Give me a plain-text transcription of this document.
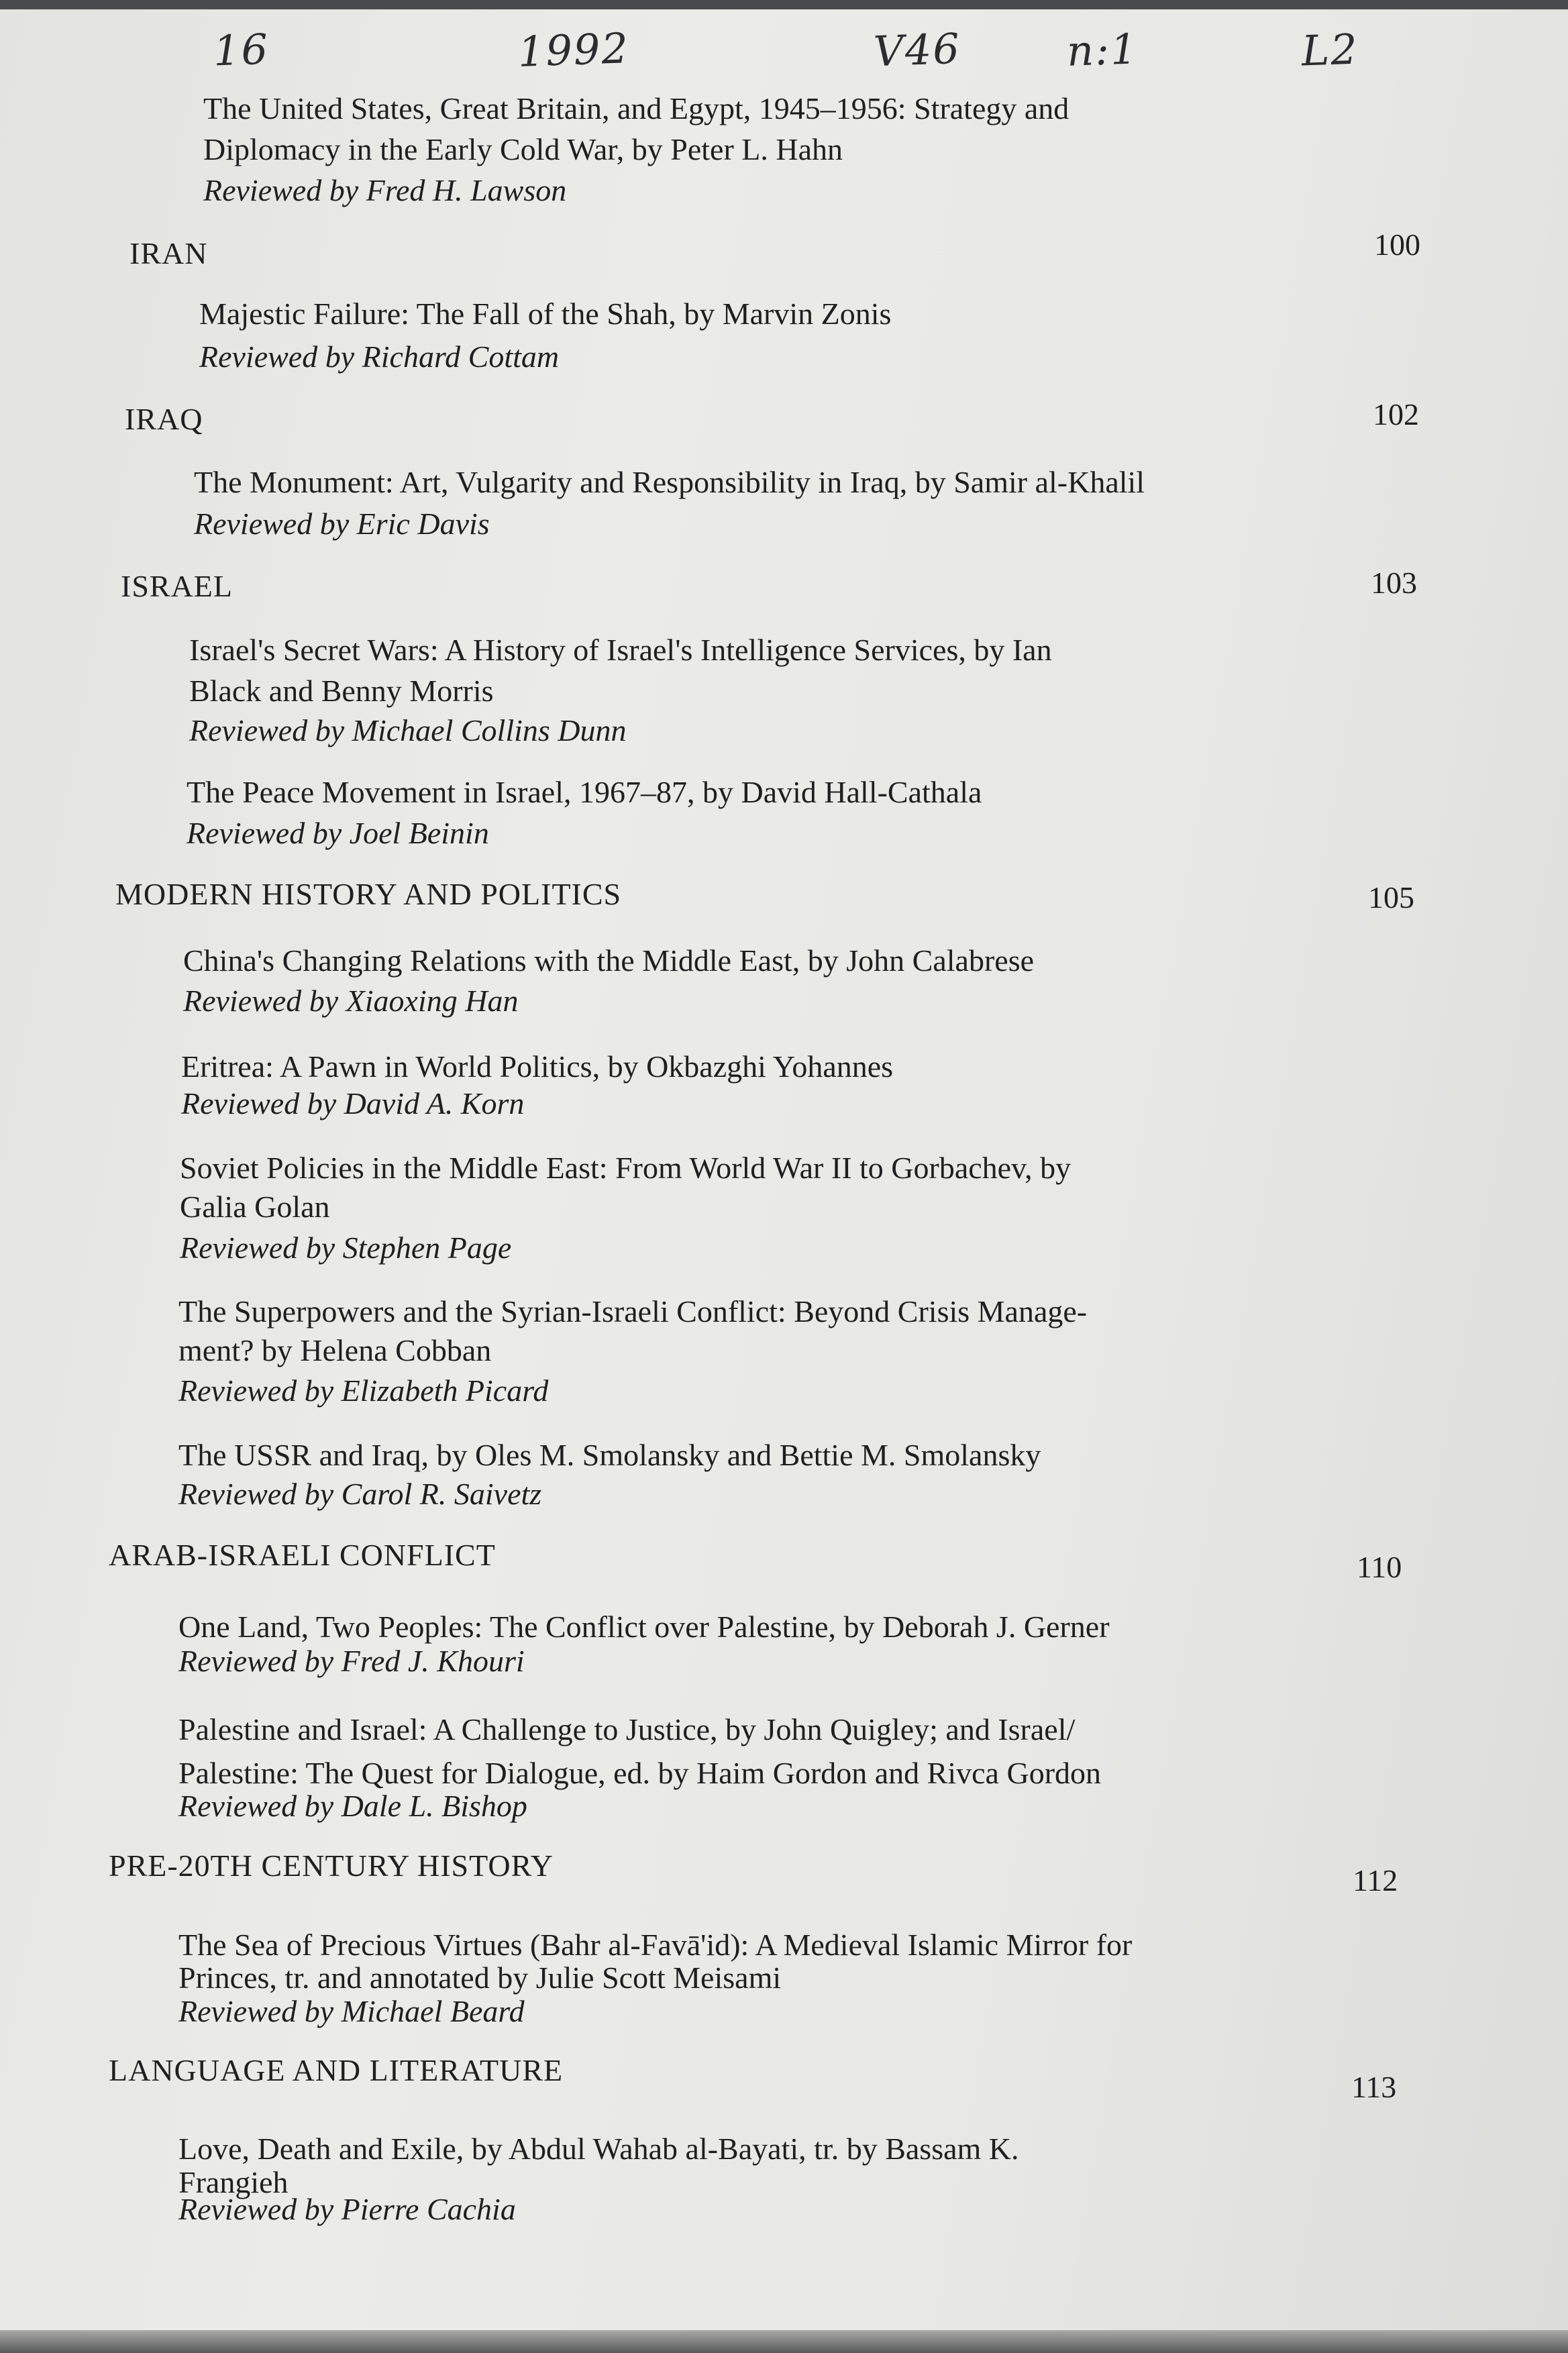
16	1992	V46	n:1	L2
The United States, Great Britain, and Egypt, 1945–1956: Strategy and
Diplomacy in the Early Cold War, by Peter L. Hahn
Reviewed by Fred H. Lawson
IRAN	100
Majestic Failure: The Fall of the Shah, by Marvin Zonis
Reviewed by Richard Cottam
IRAQ	102
The Monument: Art, Vulgarity and Responsibility in Iraq, by Samir al-Khalil
Reviewed by Eric Davis
ISRAEL	103
Israel's Secret Wars: A History of Israel's Intelligence Services, by Ian
Black and Benny Morris
Reviewed by Michael Collins Dunn
The Peace Movement in Israel, 1967–87, by David Hall-Cathala
Reviewed by Joel Beinin
MODERN HISTORY AND POLITICS	105
China's Changing Relations with the Middle East, by John Calabrese
Reviewed by Xiaoxing Han
Eritrea: A Pawn in World Politics, by Okbazghi Yohannes
Reviewed by David A. Korn
Soviet Policies in the Middle East: From World War II to Gorbachev, by
Galia Golan
Reviewed by Stephen Page
The Superpowers and the Syrian-Israeli Conflict: Beyond Crisis Manage-
ment? by Helena Cobban
Reviewed by Elizabeth Picard
The USSR and Iraq, by Oles M. Smolansky and Bettie M. Smolansky
Reviewed by Carol R. Saivetz
ARAB-ISRAELI CONFLICT	110
One Land, Two Peoples: The Conflict over Palestine, by Deborah J. Gerner
Reviewed by Fred J. Khouri
Palestine and Israel: A Challenge to Justice, by John Quigley; and Israel/
Palestine: The Quest for Dialogue, ed. by Haim Gordon and Rivca Gordon
Reviewed by Dale L. Bishop
PRE-20TH CENTURY HISTORY	112
The Sea of Precious Virtues (Bahr al-Favā'id): A Medieval Islamic Mirror for
Princes, tr. and annotated by Julie Scott Meisami
Reviewed by Michael Beard
LANGUAGE AND LITERATURE	113
Love, Death and Exile, by Abdul Wahab al-Bayati, tr. by Bassam K.
Frangieh
Reviewed by Pierre Cachia
